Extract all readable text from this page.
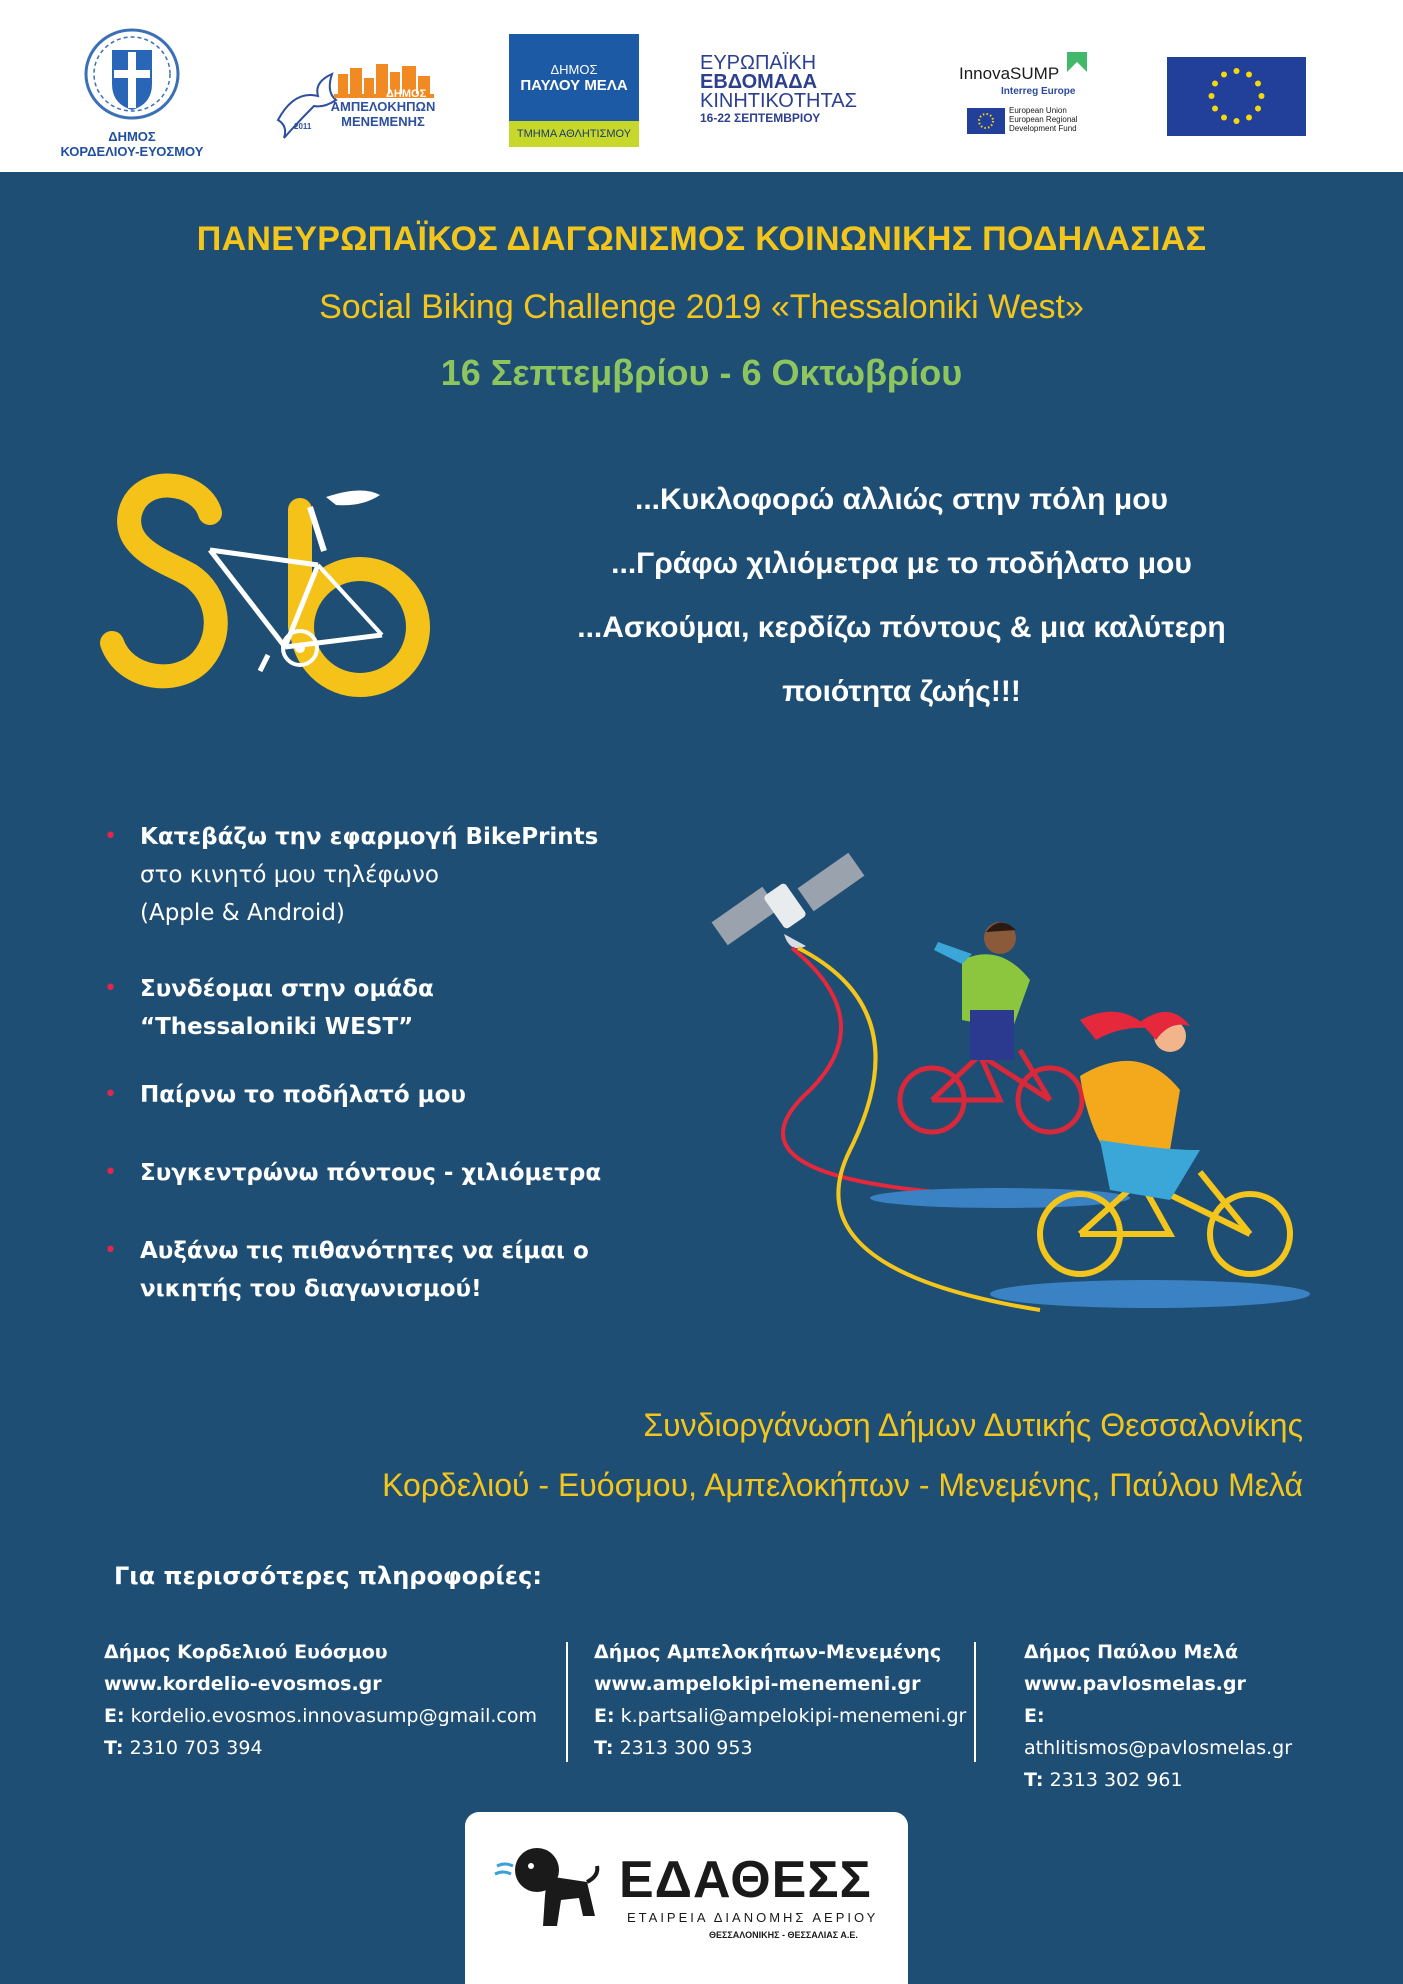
ΔΗΜΟΣ
ΚΟΡΔΕΛΙΟΥ-ΕΥΟΣΜΟΥ
2011
ΔΗΜΟΣ
ΑΜΠΕΛΟΚΗΠΩΝ
ΜΕΝΕΜΕΝΗΣ
ΔΗΜΟΣ
ΠΑΥΛΟΥ ΜΕΛΑ
ΤΜΗΜΑ ΑΘΛΗΤΙΣΜΟΥ
ΕΥΡΩΠΑΪΚΗ
ΕΒΔΟΜΑΔΑ
ΚΙΝΗΤΙΚΟΤΗΤΑΣ
16-22 ΣΕΠΤΕΜΒΡΙΟΥ
InnovaSUMP
Interreg Europe
European Union
European Regional
Development Fund
ΠΑΝΕΥΡΩΠΑΪΚΟΣ ΔΙΑΓΩΝΙΣΜΟΣ ΚΟΙΝΩΝΙΚΗΣ ΠΟΔΗΛΑΣΙΑΣ
Social Biking Challenge 2019 «Thessaloniki West»
16 Σεπτεμβρίου - 6 Οκτωβρίου
...Κυκλοφορώ αλλιώς στην πόλη μου
...Γράφω χιλιόμετρα με το ποδήλατο μου
...Ασκούμαι, κερδίζω πόντους & μια καλύτερη
ποιότητα ζωής!!!
• Κατεβάζω την εφαρμογή BikePrints
στο κινητό μου τηλέφωνο
(Apple & Android)
• Συνδέομαι στην ομάδα
“Thessaloniki WEST”
• Παίρνω το ποδήλατό μου
• Συγκεντρώνω πόντους - χιλιόμετρα
• Αυξάνω τις πιθανότητες να είμαι ο
νικητής του διαγωνισμού!
Συνδιοργάνωση Δήμων Δυτικής Θεσσαλονίκης
Κορδελιού - Ευόσμου, Αμπελοκήπων - Μενεμένης, Παύλου Μελά
Για περισσότερες πληροφορίες:
Δήμος Κορδελιού Ευόσμου
www.kordelio-evosmos.gr
E: kordelio.evosmos.innovasump@gmail.com
T: 2310 703 394
Δήμος Αμπελοκήπων-Μενεμένης
www.ampelokipi-menemeni.gr
E: k.partsali@ampelokipi-menemeni.gr
T: 2313 300 953
Δήμος Παύλου Μελά
www.pavlosmelas.gr
E: athlitismos@pavlosmelas.gr
T: 2313 302 961
ΕΔΑΘΕΣΣ
ΕΤΑΙΡΕΙΑ ΔΙΑΝΟΜΗΣ ΑΕΡΙΟΥ
ΘΕΣΣΑΛΟΝΙΚΗΣ - ΘΕΣΣΑΛΙΑΣ Α.Ε.
